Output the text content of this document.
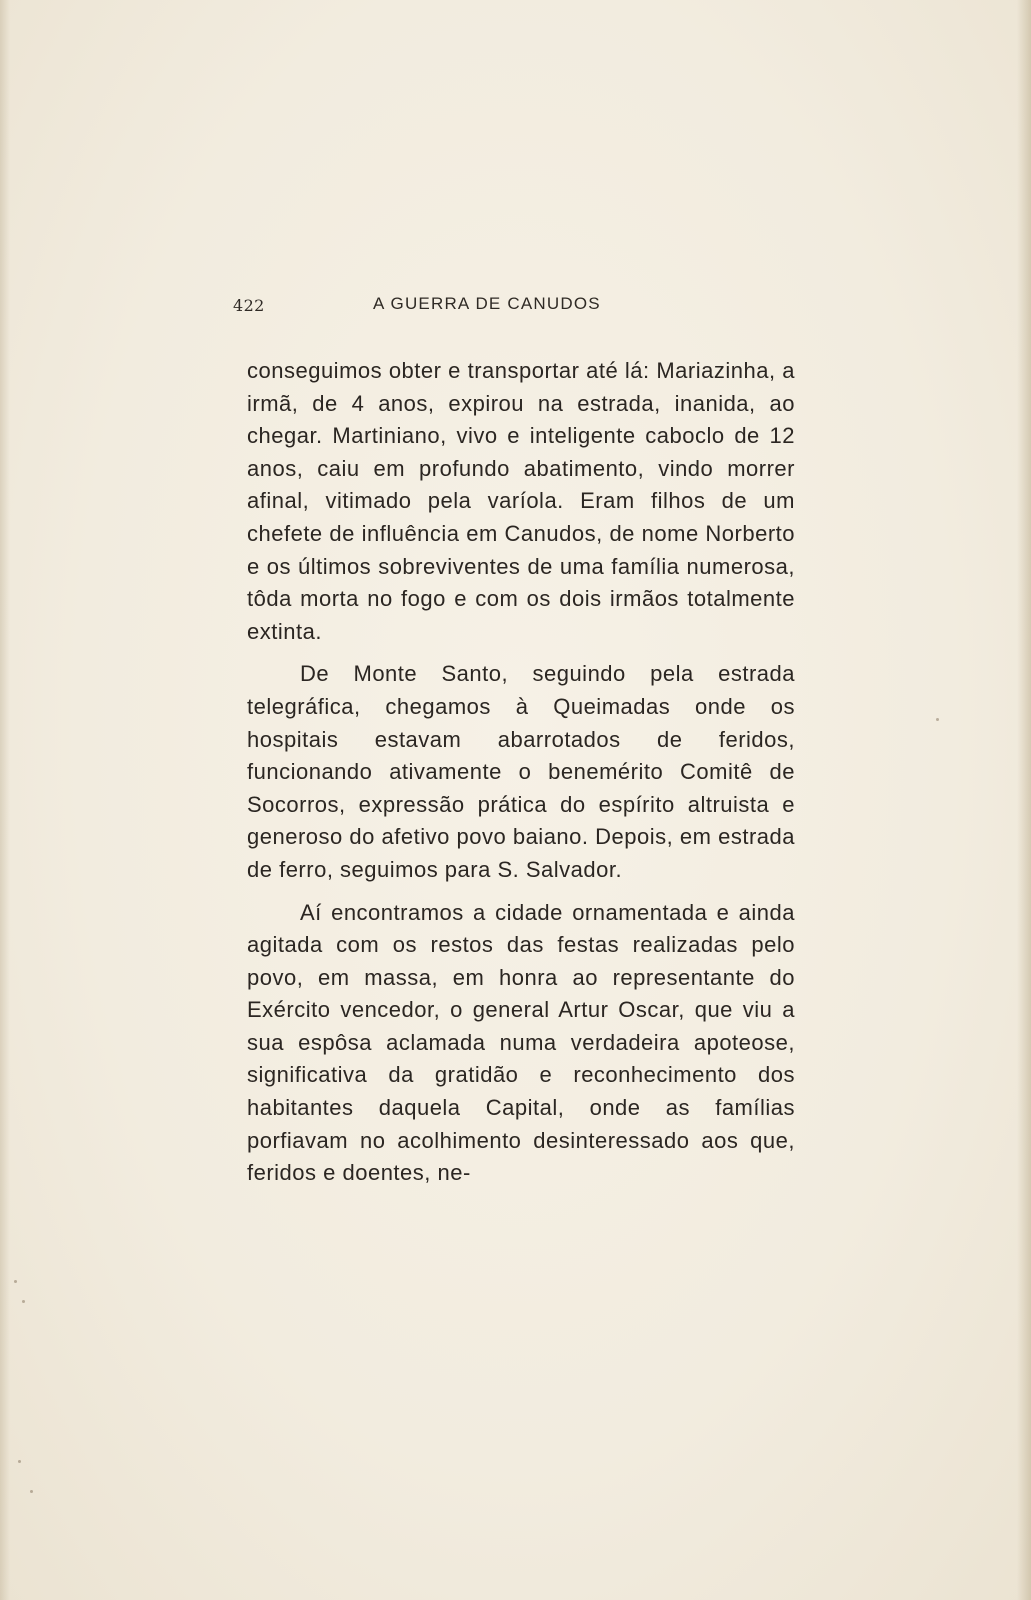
422	A GUERRA DE CANUDOS

conseguimos obter e transportar até lá: Mariazinha, a irmã, de 4 anos, expirou na estrada, inanida, ao chegar. Martiniano, vivo e inteligente caboclo de 12 anos, caiu em profundo abatimento, vindo morrer afinal, vitimado pela varíola. Eram filhos de um chefete de influência em Canudos, de nome Norberto e os últimos sobreviventes de uma família numerosa, tôda morta no fogo e com os dois irmãos totalmente extinta.

De Monte Santo, seguindo pela estrada telegráfica, chegamos à Queimadas onde os hospitais estavam abarrotados de feridos, funcionando ativamente o benemérito Comitê de Socorros, expressão prática do espírito altruista e generoso do afetivo povo baiano. Depois, em estrada de ferro, seguimos para S. Salvador.

Aí encontramos a cidade ornamentada e ainda agitada com os restos das festas realizadas pelo povo, em massa, em honra ao representante do Exército vencedor, o general Artur Oscar, que viu a sua espôsa aclamada numa verdadeira apoteose, significativa da gratidão e reconhecimento dos habitantes daquela Capital, onde as famílias porfiavam no acolhimento desinteressado aos que, feridos e doentes, ne-
